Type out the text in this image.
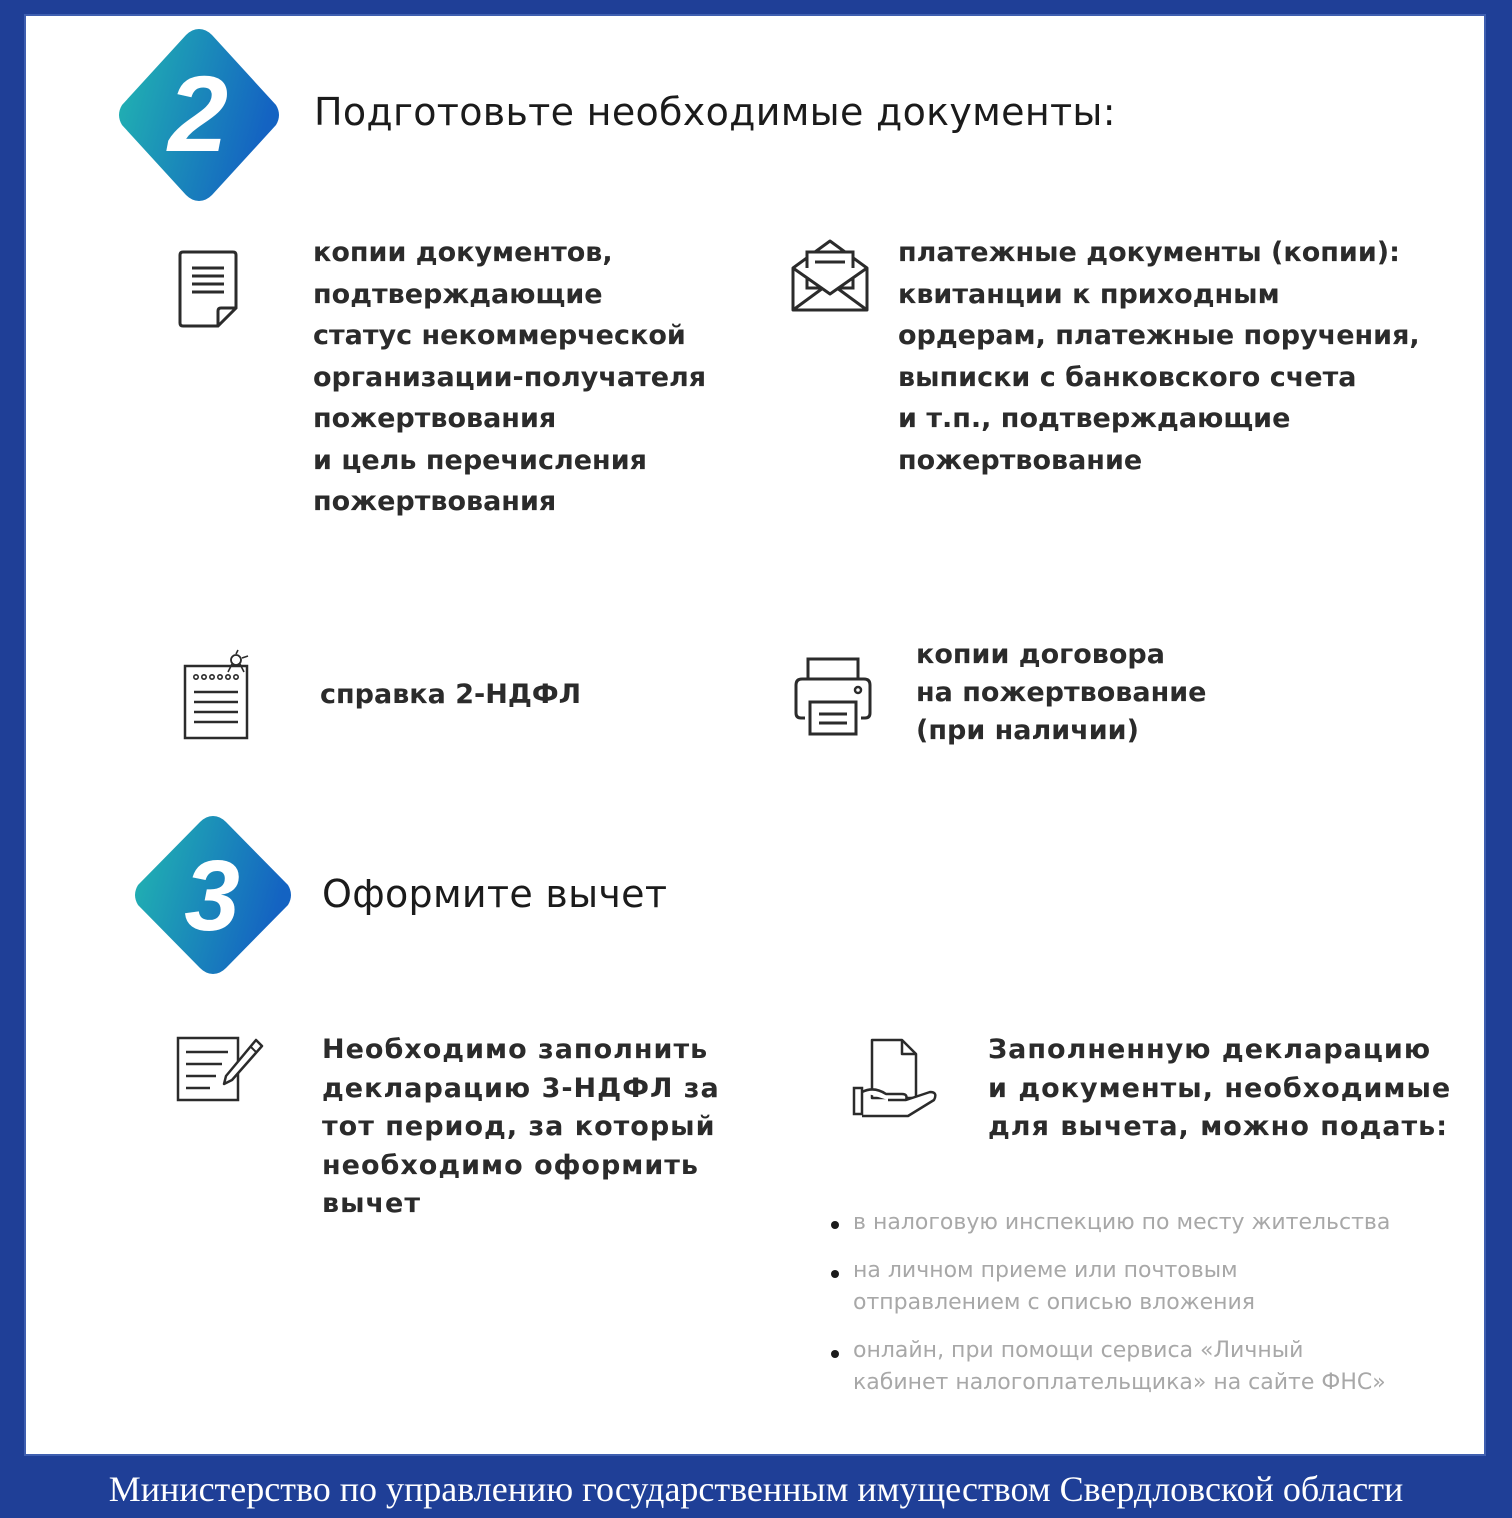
2 Подготовьте необходимые документы:
копии документов,
подтверждающие
статус некоммерческой
организации-получателя
пожертвования
и цель перечисления
пожертвования
платежные документы (копии):
квитанции к приходным
ордерам, платежные поручения,
выписки с банковского счета
и т.п., подтверждающие
пожертвование
справка 2-НДФЛ
копии договора
на пожертвование
(при наличии)
3 Оформите вычет
Необходимо заполнить
декларацию 3-НДФЛ за
тот период, за который
необходимо оформить
вычет
Заполненную декларацию
и документы, необходимые
для вычета, можно подать:
в налоговую инспекцию по месту жительства
на личном приеме или почтовым
отправлением с описью вложения
онлайн, при помощи сервиса «Личный
кабинет налогоплательщика» на сайте ФНС»
Министерство по управлению государственным имуществом Свердловской области
